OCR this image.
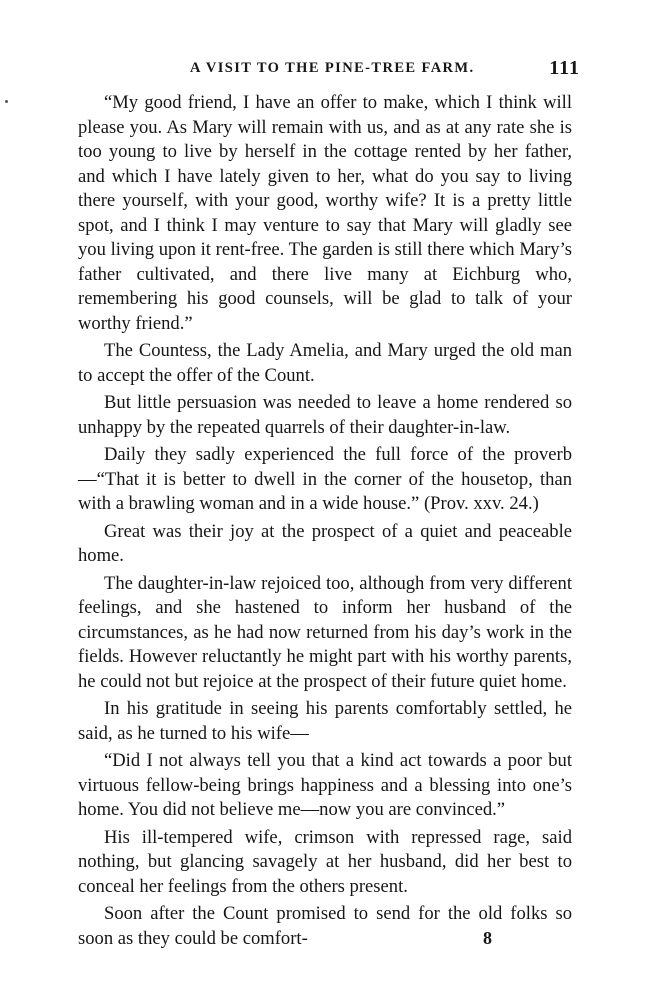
A VISIT TO THE PINE-TREE FARM.	111

“My good friend, I have an offer to make, which I think will please you. As Mary will remain with us, and as at any rate she is too young to live by herself in the cottage rented by her father, and which I have lately given to her, what do you say to living there yourself, with your good, worthy wife? It is a pretty little spot, and I think I may venture to say that Mary will gladly see you living upon it rent-free. The garden is still there which Mary’s father cultivated, and there live many at Eichburg who, remembering his good counsels, will be glad to talk of your worthy friend.”

The Countess, the Lady Amelia, and Mary urged the old man to accept the offer of the Count.

But little persuasion was needed to leave a home rendered so unhappy by the repeated quarrels of their daughter-in-law.

Daily they sadly experienced the full force of the proverb—“That it is better to dwell in the corner of the housetop, than with a brawling woman and in a wide house.” (Prov. xxv. 24.)

Great was their joy at the prospect of a quiet and peaceable home.

The daughter-in-law rejoiced too, although from very different feelings, and she hastened to inform her husband of the circumstances, as he had now returned from his day’s work in the fields. However reluctantly he might part with his worthy parents, he could not but rejoice at the prospect of their future quiet home.

In his gratitude in seeing his parents comfortably settled, he said, as he turned to his wife—

“Did I not always tell you that a kind act towards a poor but virtuous fellow-being brings happiness and a blessing into one’s home. You did not believe me—now you are convinced.”

His ill-tempered wife, crimson with repressed rage, said nothing, but glancing savagely at her husband, did her best to conceal her feelings from the others present.

Soon after the Count promised to send for the old folks so soon as they could be comfort-	8
